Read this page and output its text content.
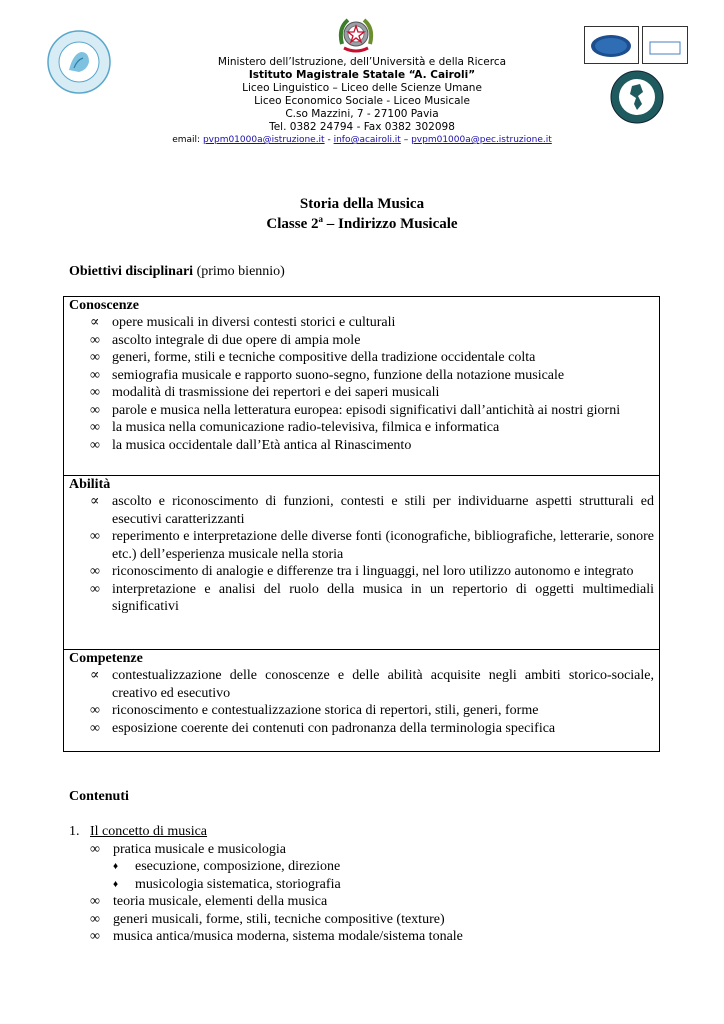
Ministero dell’Istruzione, dell’Università e della Ricerca
Istituto Magistrale Statale “A. Cairoli”
Liceo Linguistico – Liceo delle Scienze Umane
Liceo Economico Sociale - Liceo Musicale
C.so Mazzini, 7 - 27100 Pavia
Tel. 0382 24794 - Fax 0382 302098
email: pvpm01000a@istruzione.it - info@acairoli.it – pvpm01000a@pec.istruzione.it
Storia della Musica
Classe 2$^a$ – Indirizzo Musicale
Obiettivi disciplinari (primo biennio)
Conoscenze
∝ opere musicali in diversi contesti storici e culturali
∞ ascolto integrale di due opere di ampia mole
∞ generi, forme, stili e tecniche compositive della tradizione occidentale colta
∞ semiografia musicale e rapporto suono-segno, funzione della notazione musicale
∞ modalità di trasmissione dei repertori e dei saperi musicali
∞ parole e musica nella letteratura europea: episodi significativi dall’antichità ai nostri giorni
∞ la musica nella comunicazione radio-televisiva, filmica e informatica
∞ la musica occidentale dall’Età antica al Rinascimento
Abilità
∝ ascolto e riconoscimento di funzioni, contesti e stili per individuarne aspetti strutturali ed esecutivi caratterizzanti
∞ reperimento e interpretazione delle diverse fonti (iconografiche, bibliografiche, letterarie, sonore etc.) dell’esperienza musicale nella storia
∞ riconoscimento di analogie e differenze tra i linguaggi, nel loro utilizzo autonomo e integrato
∞ interpretazione e analisi del ruolo della musica in un repertorio di oggetti multimediali significativi
Competenze
∝ contestualizzazione delle conoscenze e delle abilità acquisite negli ambiti storico-sociale, creativo ed esecutivo
∞ riconoscimento e contestualizzazione storica di repertori, stili, generi, forme
∞ esposizione coerente dei contenuti con padronanza della terminologia specifica
Contenuti
1. Il concetto di musica
∞ pratica musicale e musicologia
♦ esecuzione, composizione, direzione
♦ musicologia sistematica, storiografia
∞ teoria musicale, elementi della musica
∞ generi musicali, forme, stili, tecniche compositive (texture)
∞ musica antica/musica moderna, sistema modale/sistema tonale
